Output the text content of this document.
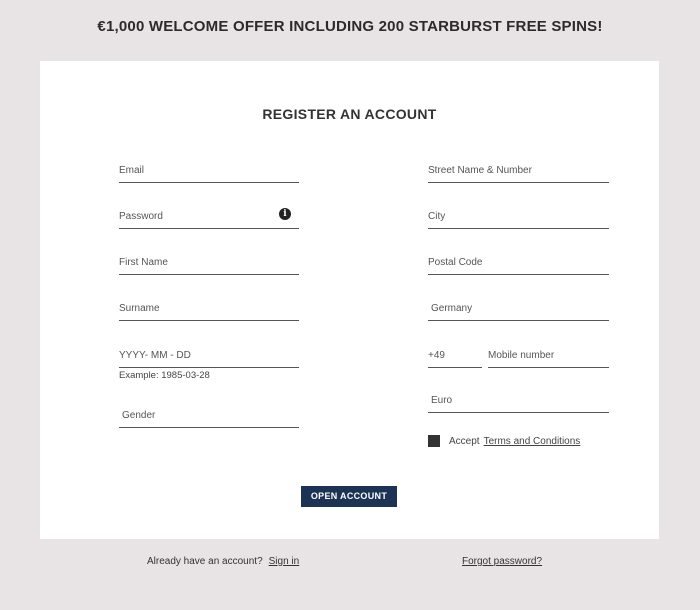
€1,000 WELCOME OFFER INCLUDING 200 STARBURST FREE SPINS!
REGISTER AN ACCOUNT
Email
Password	i
First Name
Surname
YYYY- MM - DD
Example: 1985-03-28
Gender
Street Name & Number
City
Postal Code
Germany
+49	Mobile number
Euro
Accept Terms and Conditions
OPEN ACCOUNT
Already have an account? Sign in	Forgot password?
